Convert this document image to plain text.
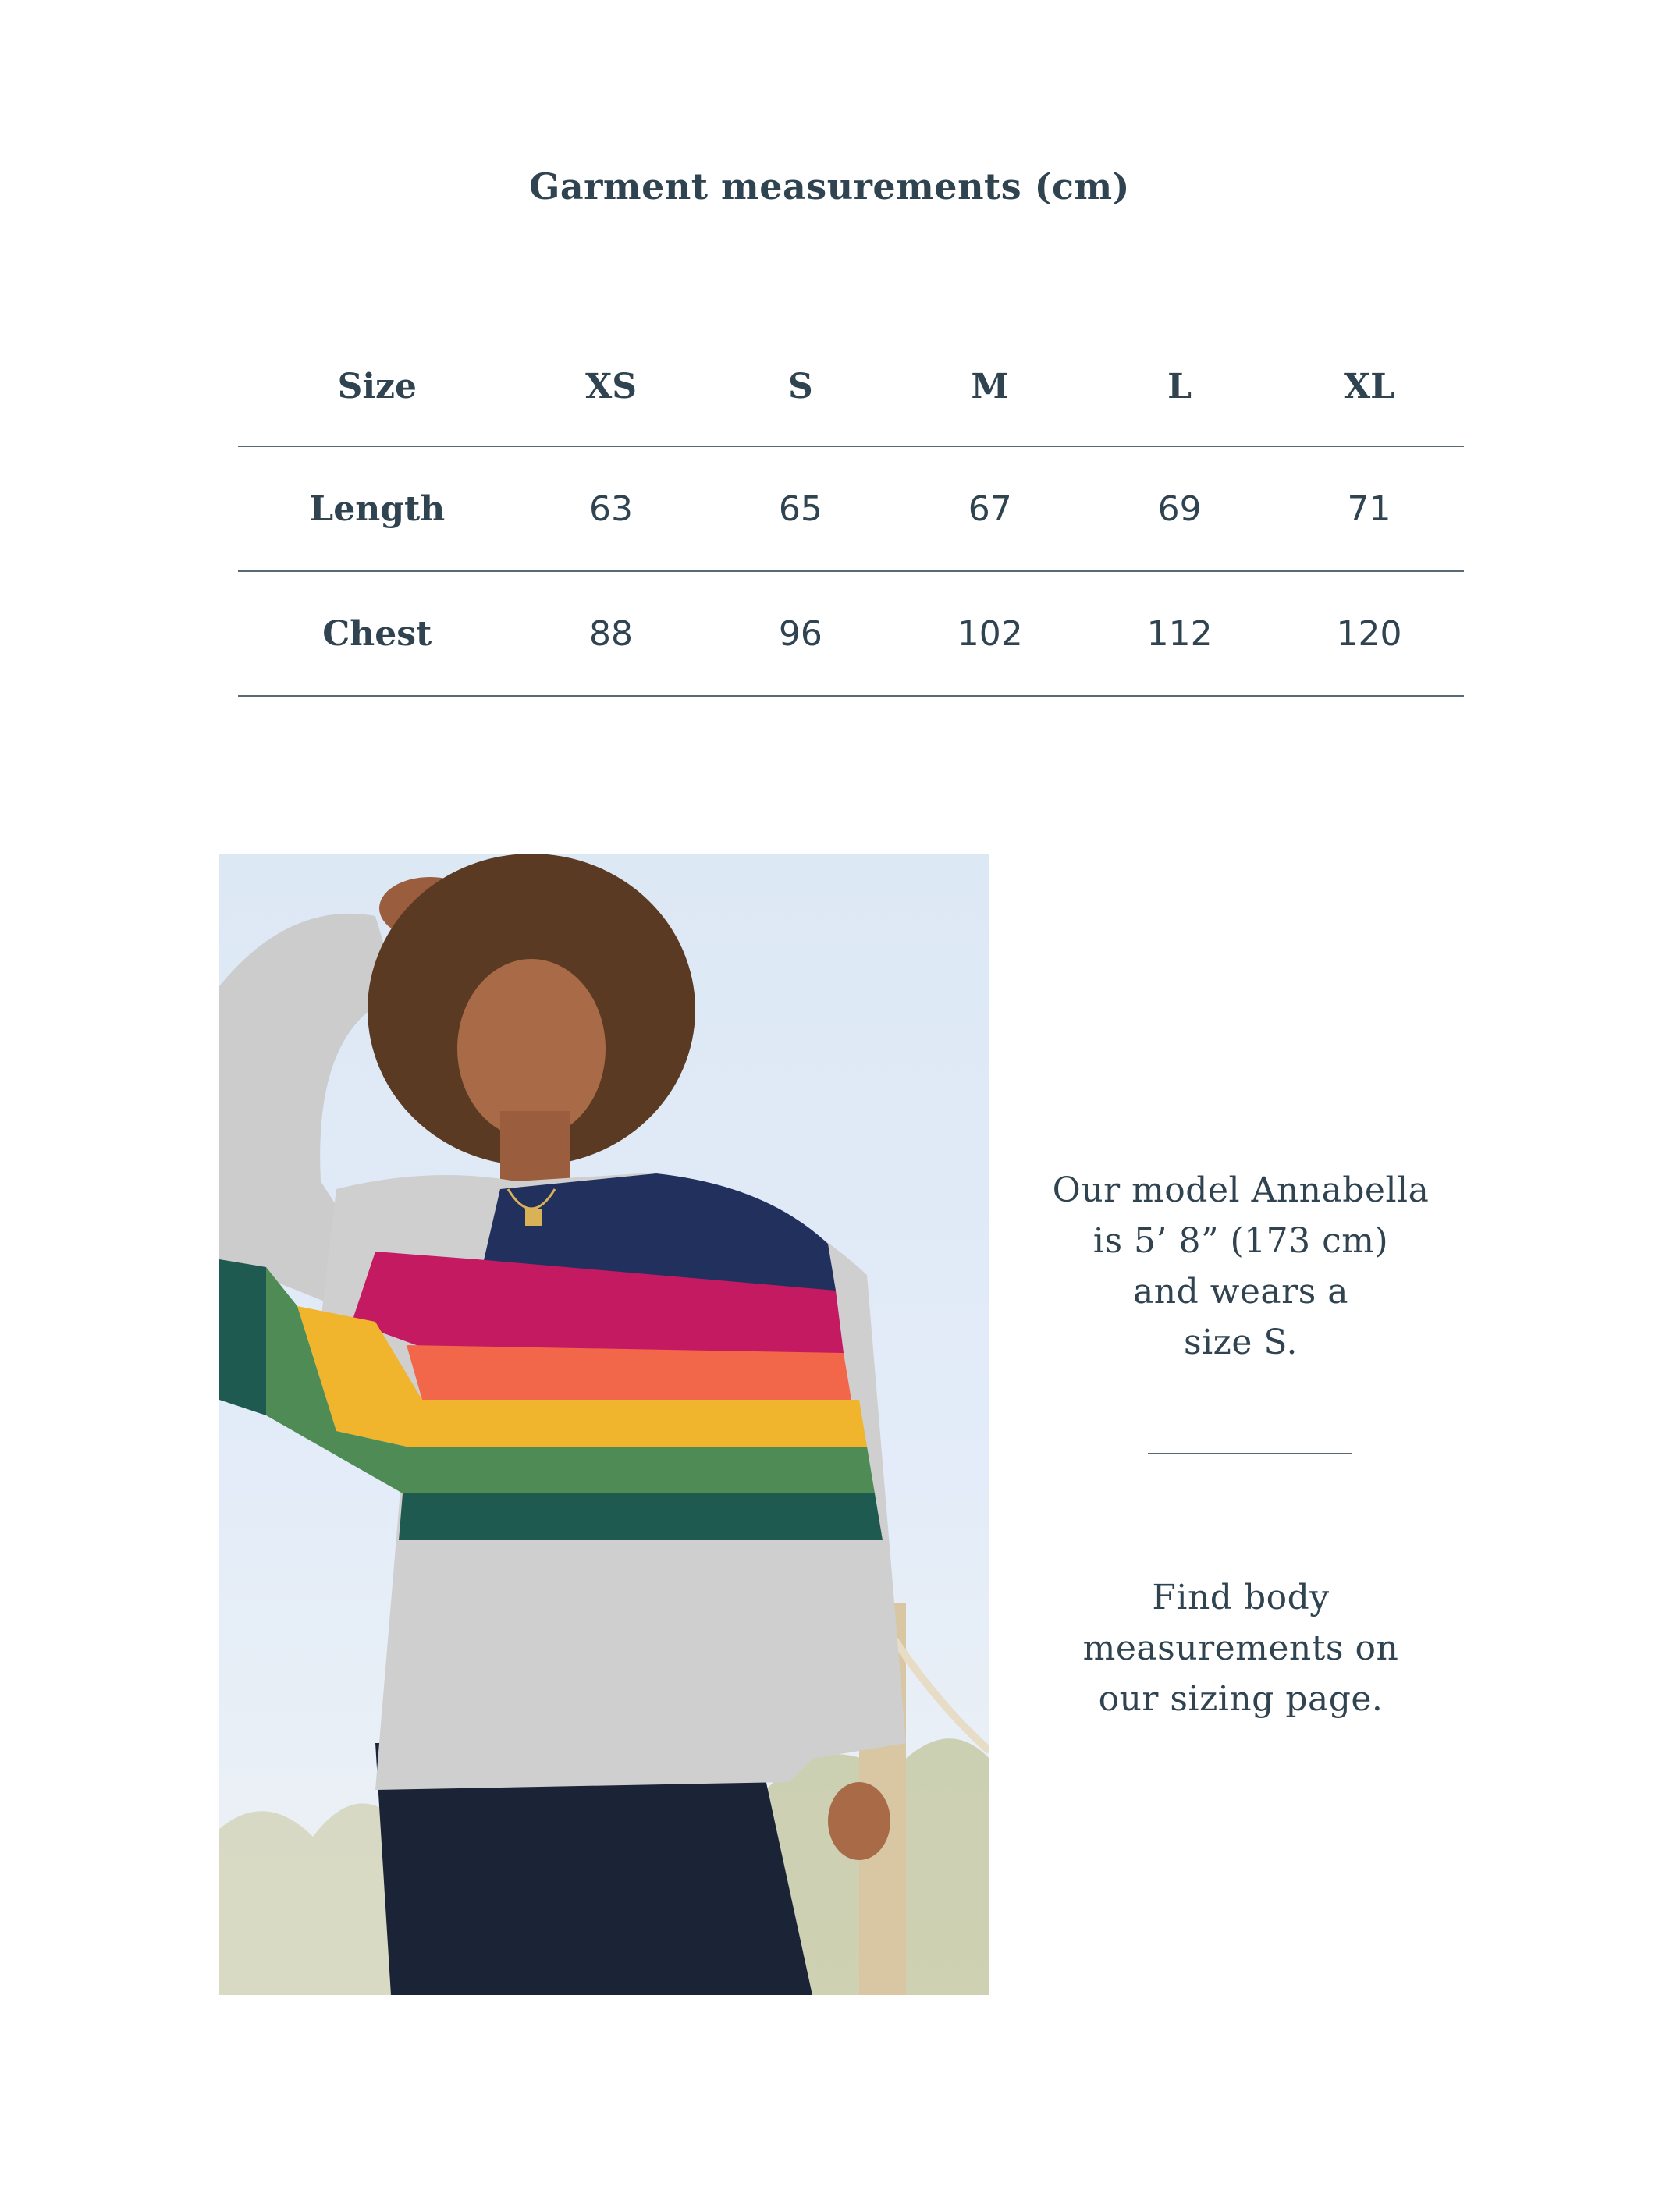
Garment measurements (cm)
Size	XS	S	M	L	XL
Length	63	65	67	69	71
Chest	88	96	102	112	120
Our model Annabella
is 5’ 8” (173 cm)
and wears a
size S.
Find body
measurements on
our sizing page.
